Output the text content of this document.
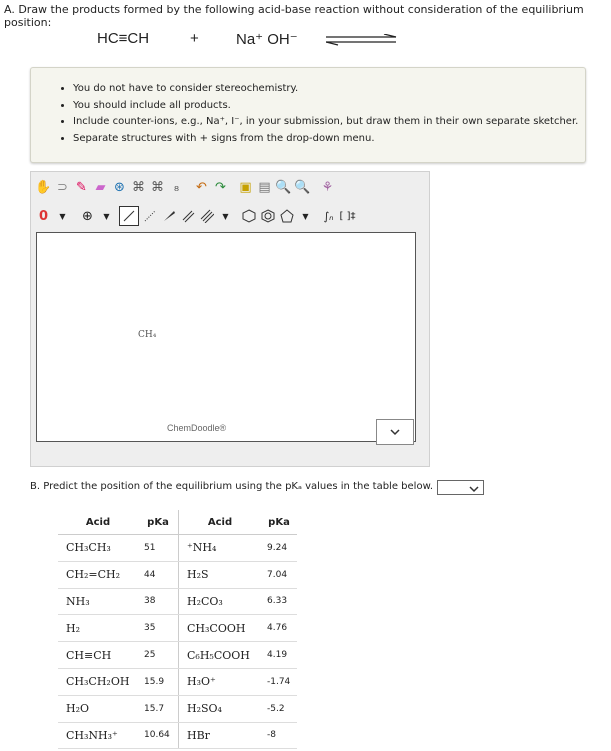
A. Draw the products formed by the following acid-base reaction without consideration of the equilibrium position:
HC≡CH	+ Na⁺ OH⁻
• You do not have to consider stereochemistry.
• You should include all products.
• Include counter-ions, e.g., Na⁺, I⁻, in your submission, but draw them in their own separate sketcher.
• Separate structures with + signs from the drop-down menu.
✋ ⊃ ✎ ▰ ⊛ ⌘ ⌘ ₈	↶ ↷ ▣ ▤ 🔍 🔍 ⚘
0	▼	⊕	▼	▼	▼	∫ₙ [ ]‡
CH₄
ChemDoodle®
B. Predict the position of the equilibrium using the pKₐ values in the table below.
Acid	pKa	Acid	pKa
CH₃CH₃	51	⁺NH₄	9.24
CH₂=CH₂	44	H₂S	7.04
NH₃	38	H₂CO₃	6.33
H₂	35	CH₃COOH	4.76
CH≡CH	25	C₆H₅COOH	4.19
CH₃CH₂OH	15.9	H₃O⁺	-1.74
H₂O	15.7	H₂SO₄	-5.2
CH₃NH₃⁺	10.64	HBr	-8
